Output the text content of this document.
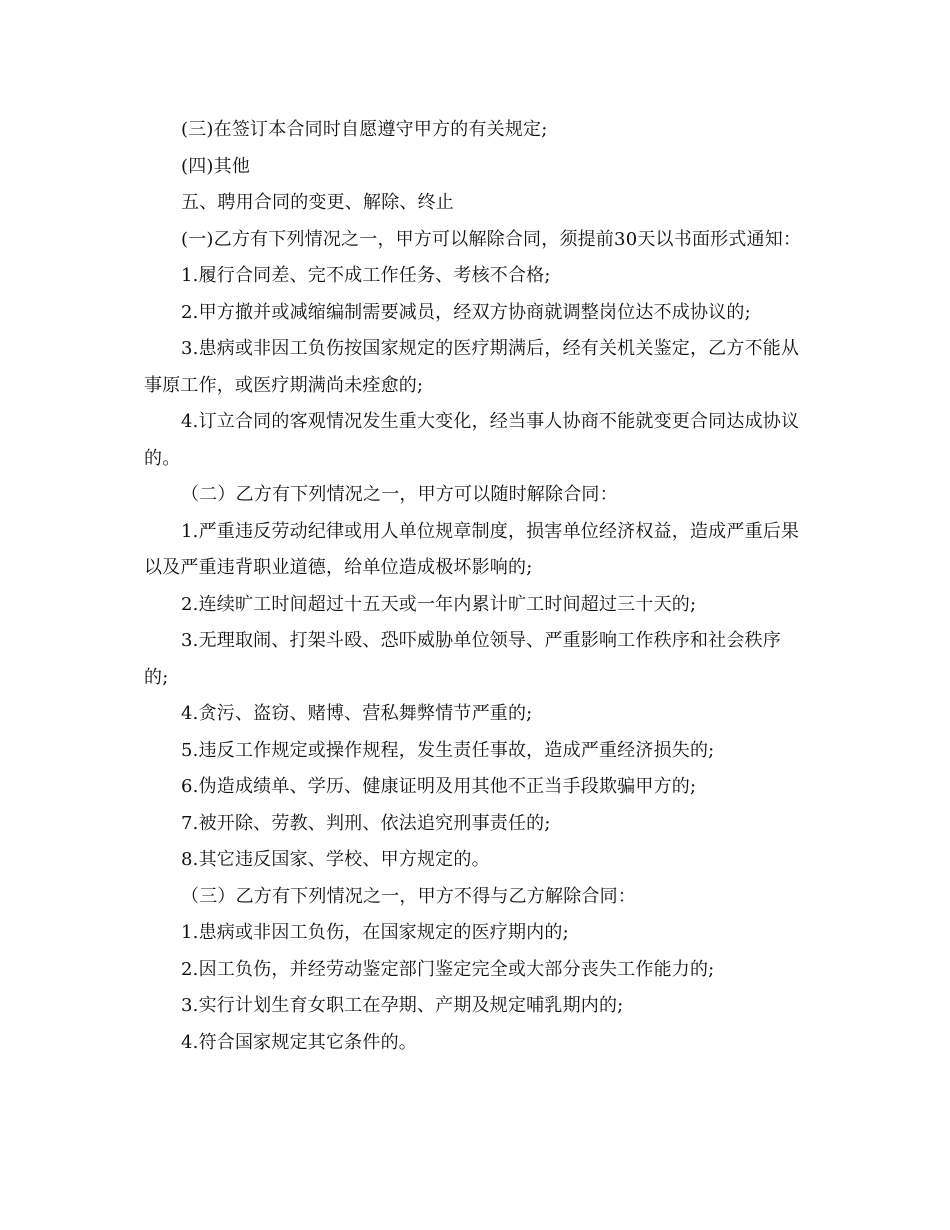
(三)在签订本合同时自愿遵守甲方的有关规定;

(四)其他

五、聘用合同的变更、解除、终止

(一)乙方有下列情况之一，甲方可以解除合同，须提前30天以书面形式通知：

1.履行合同差、完不成工作任务、考核不合格;

2.甲方撤并或减缩编制需要减员，经双方协商就调整岗位达不成协议的;

3.患病或非因工负伤按国家规定的医疗期满后，经有关机关鉴定，乙方不能从事原工作，或医疗期满尚未痊愈的;

4.订立合同的客观情况发生重大变化，经当事人协商不能就变更合同达成协议的。

（二）乙方有下列情况之一，甲方可以随时解除合同：

1.严重违反劳动纪律或用人单位规章制度，损害单位经济权益，造成严重后果以及严重违背职业道德，给单位造成极坏影响的;

2.连续旷工时间超过十五天或一年内累计旷工时间超过三十天的;

3.无理取闹、打架斗殴、恐吓威胁单位领导、严重影响工作秩序和社会秩序的;

4.贪污、盗窃、赌博、营私舞弊情节严重的;

5.违反工作规定或操作规程，发生责任事故，造成严重经济损失的;

6.伪造成绩单、学历、健康证明及用其他不正当手段欺骗甲方的;

7.被开除、劳教、判刑、依法追究刑事责任的;

8.其它违反国家、学校、甲方规定的。

（三）乙方有下列情况之一，甲方不得与乙方解除合同：

1.患病或非因工负伤，在国家规定的医疗期内的;

2.因工负伤，并经劳动鉴定部门鉴定完全或大部分丧失工作能力的;

3.实行计划生育女职工在孕期、产期及规定哺乳期内的;

4.符合国家规定其它条件的。
